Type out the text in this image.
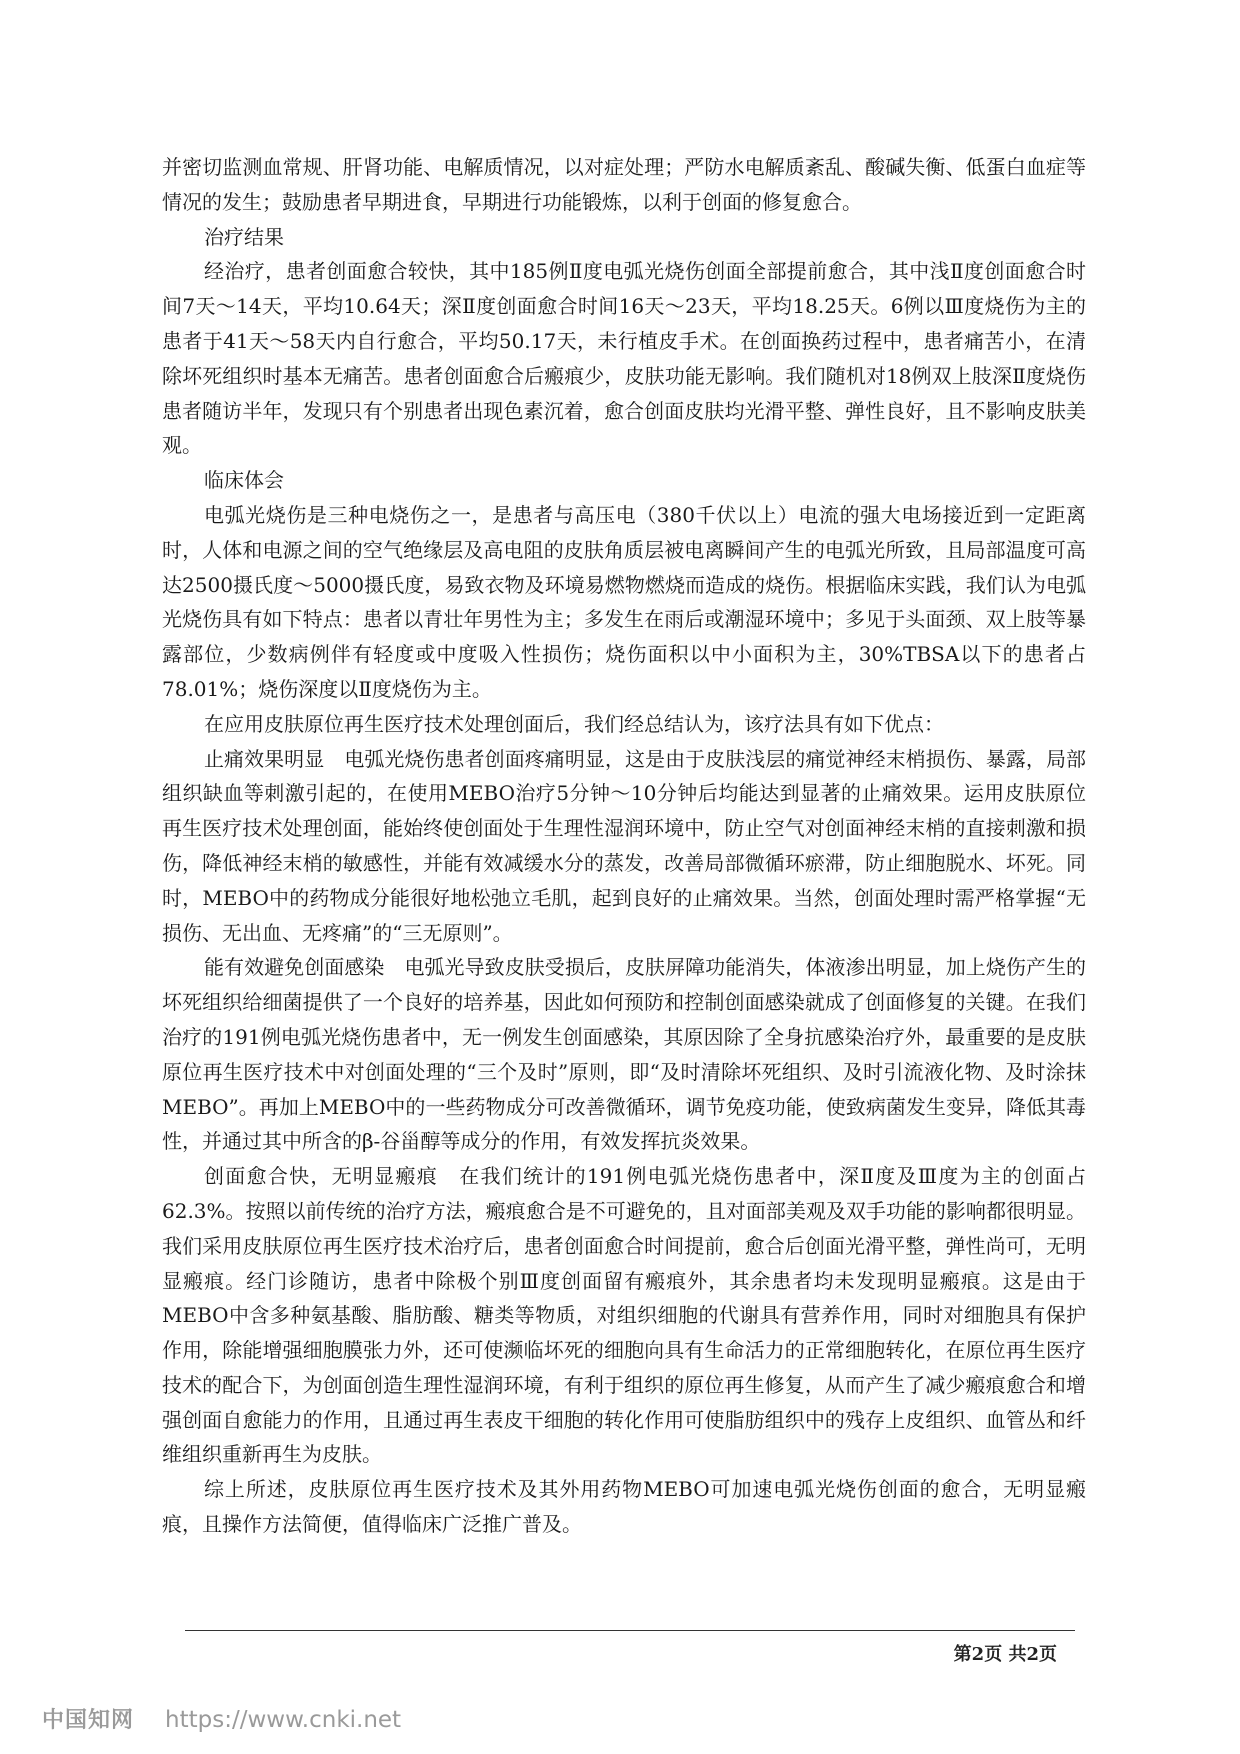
并密切监测血常规、肝肾功能、电解质情况，以对症处理；严防水电解质紊乱、酸碱失衡、低蛋白血症等情况的发生；鼓励患者早期进食，早期进行功能锻炼，以利于创面的修复愈合。

治疗结果

经治疗，患者创面愈合较快，其中185例Ⅱ度电弧光烧伤创面全部提前愈合，其中浅Ⅱ度创面愈合时间7天～14天，平均10.64天；深Ⅱ度创面愈合时间16天～23天，平均18.25天。6例以Ⅲ度烧伤为主的患者于41天～58天内自行愈合，平均50.17天，未行植皮手术。在创面换药过程中，患者痛苦小，在清除坏死组织时基本无痛苦。患者创面愈合后瘢痕少，皮肤功能无影响。我们随机对18例双上肢深Ⅱ度烧伤患者随访半年，发现只有个别患者出现色素沉着，愈合创面皮肤均光滑平整、弹性良好，且不影响皮肤美观。

临床体会

电弧光烧伤是三种电烧伤之一，是患者与高压电（380千伏以上）电流的强大电场接近到一定距离时，人体和电源之间的空气绝缘层及高电阻的皮肤角质层被电离瞬间产生的电弧光所致，且局部温度可高达2500摄氏度～5000摄氏度，易致衣物及环境易燃物燃烧而造成的烧伤。根据临床实践，我们认为电弧光烧伤具有如下特点：患者以青壮年男性为主；多发生在雨后或潮湿环境中；多见于头面颈、双上肢等暴露部位，少数病例伴有轻度或中度吸入性损伤；烧伤面积以中小面积为主，30%TBSA以下的患者占78.01%；烧伤深度以Ⅱ度烧伤为主。

在应用皮肤原位再生医疗技术处理创面后，我们经总结认为，该疗法具有如下优点：

止痛效果明显　电弧光烧伤患者创面疼痛明显，这是由于皮肤浅层的痛觉神经末梢损伤、暴露，局部组织缺血等刺激引起的，在使用MEBO治疗5分钟～10分钟后均能达到显著的止痛效果。运用皮肤原位再生医疗技术处理创面，能始终使创面处于生理性湿润环境中，防止空气对创面神经末梢的直接刺激和损伤，降低神经末梢的敏感性，并能有效减缓水分的蒸发，改善局部微循环瘀滞，防止细胞脱水、坏死。同时，MEBO中的药物成分能很好地松弛立毛肌，起到良好的止痛效果。当然，创面处理时需严格掌握“无损伤、无出血、无疼痛”的“三无原则”。

能有效避免创面感染　电弧光导致皮肤受损后，皮肤屏障功能消失，体液渗出明显，加上烧伤产生的坏死组织给细菌提供了一个良好的培养基，因此如何预防和控制创面感染就成了创面修复的关键。在我们治疗的191例电弧光烧伤患者中，无一例发生创面感染，其原因除了全身抗感染治疗外，最重要的是皮肤原位再生医疗技术中对创面处理的“三个及时”原则，即“及时清除坏死组织、及时引流液化物、及时涂抹MEBO”。再加上MEBO中的一些药物成分可改善微循环，调节免疫功能，使致病菌发生变异，降低其毒性，并通过其中所含的β-谷甾醇等成分的作用，有效发挥抗炎效果。

创面愈合快，无明显瘢痕　在我们统计的191例电弧光烧伤患者中，深Ⅱ度及Ⅲ度为主的创面占62.3%。按照以前传统的治疗方法，瘢痕愈合是不可避免的，且对面部美观及双手功能的影响都很明显。我们采用皮肤原位再生医疗技术治疗后，患者创面愈合时间提前，愈合后创面光滑平整，弹性尚可，无明显瘢痕。经门诊随访，患者中除极个别Ⅲ度创面留有瘢痕外，其余患者均未发现明显瘢痕。这是由于MEBO中含多种氨基酸、脂肪酸、糖类等物质，对组织细胞的代谢具有营养作用，同时对细胞具有保护作用，除能增强细胞膜张力外，还可使濒临坏死的细胞向具有生命活力的正常细胞转化，在原位再生医疗技术的配合下，为创面创造生理性湿润环境，有利于组织的原位再生修复，从而产生了减少瘢痕愈合和增强创面自愈能力的作用，且通过再生表皮干细胞的转化作用可使脂肪组织中的残存上皮组织、血管丛和纤维组织重新再生为皮肤。

综上所述，皮肤原位再生医疗技术及其外用药物MEBO可加速电弧光烧伤创面的愈合，无明显瘢痕，且操作方法简便，值得临床广泛推广普及。

第2页 共2页
中国知网 https://www.cnki.net
